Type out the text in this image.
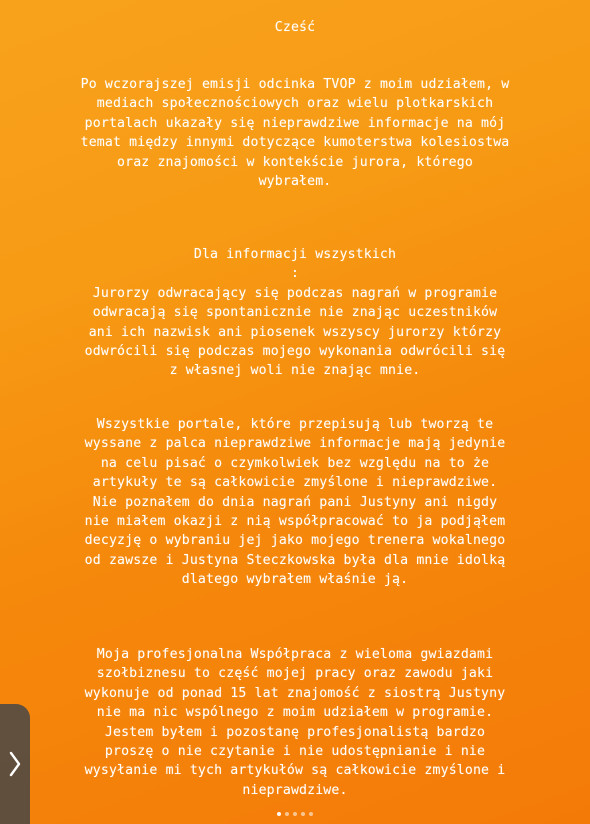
Cześć
Po wczorajszej emisji odcinka TVOP z moim udziałem, w
mediach społecznościowych oraz wielu plotkarskich
portalach ukazały się nieprawdziwe informacje na mój
temat między innymi dotyczące kumoterstwa kolesiostwa
oraz znajomości w kontekście jurora, którego
wybrałem.
Dla informacji wszystkich
:
Jurorzy odwracający się podczas nagrań w programie
odwracają się spontanicznie nie znając uczestników
ani ich nazwisk ani piosenek wszyscy jurorzy którzy
odwrócili się podczas mojego wykonania odwrócili się
z własnej woli nie znając mnie.
Wszystkie portale, które przepisują lub tworzą te
wyssane z palca nieprawdziwe informacje mają jedynie
na celu pisać o czymkolwiek bez względu na to że
artykuły te są całkowicie zmyślone i nieprawdziwe.
Nie poznałem do dnia nagrań pani Justyny ani nigdy
nie miałem okazji z nią współpracować to ja podjąłem
decyzję o wybraniu jej jako mojego trenera wokalnego
od zawsze i Justyna Steczkowska była dla mnie idolką
dlatego wybrałem właśnie ją.
Moja profesjonalna Współpraca z wieloma gwiazdami
szołbiznesu to część mojej pracy oraz zawodu jaki
wykonuje od ponad 15 lat znajomość z siostrą Justyny
nie ma nic wspólnego z moim udziałem w programie.
Jestem byłem i pozostanę profesjonalistą bardzo
proszę o nie czytanie i nie udostępnianie i nie
wysyłanie mi tych artykułów są całkowicie zmyślone i
nieprawdziwe.
